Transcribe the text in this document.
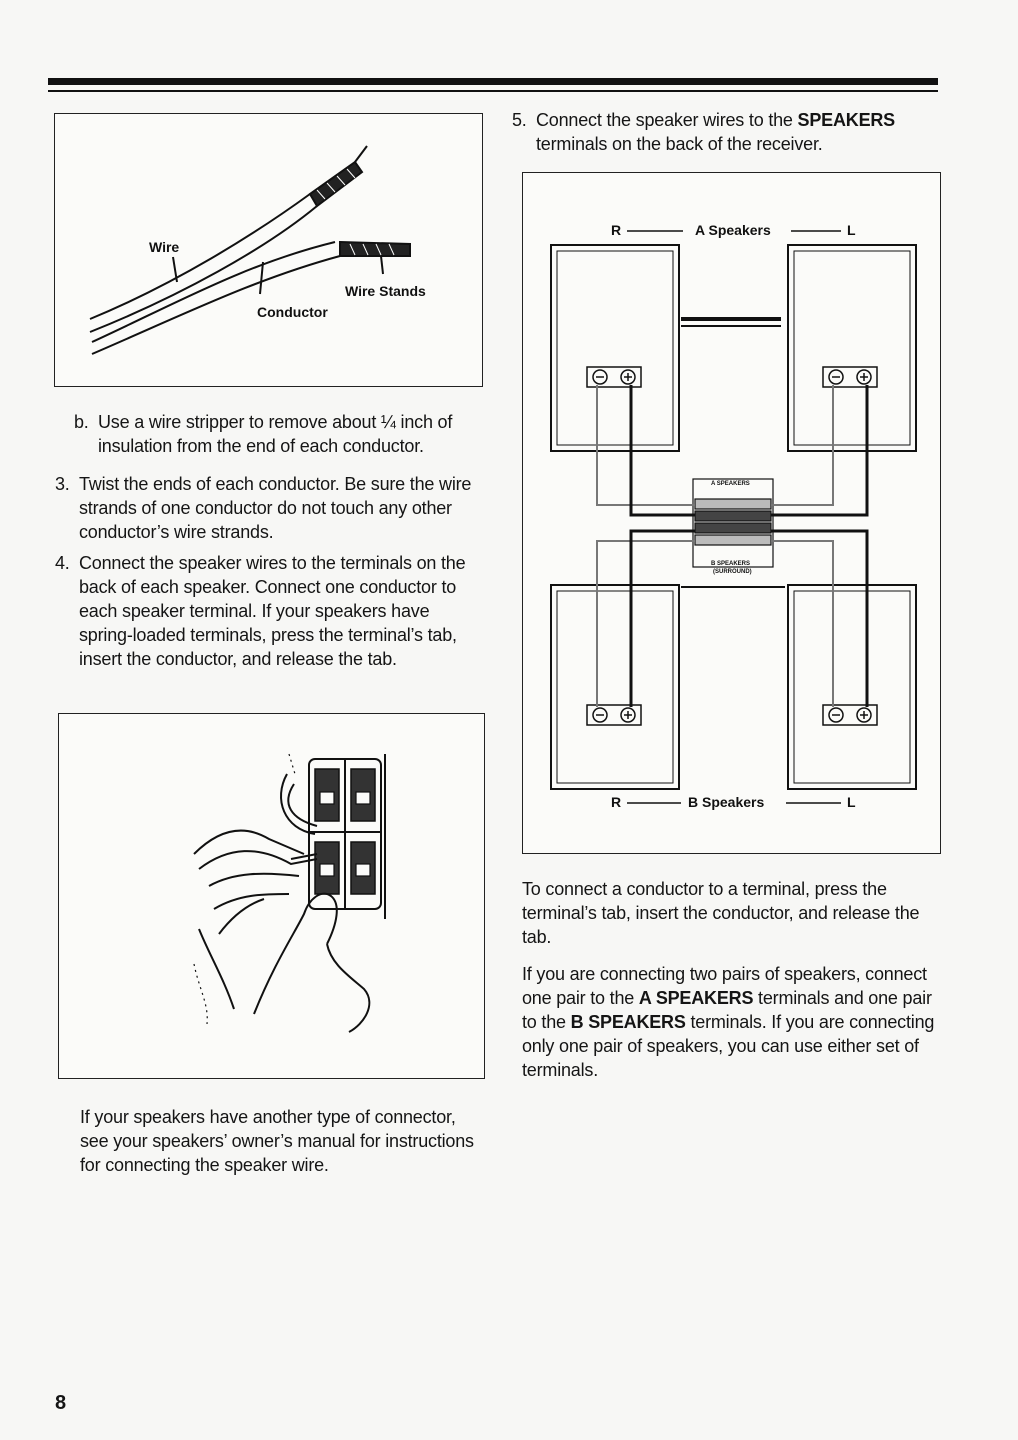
Wire
Conductor
Wire Stands
b. Use a wire stripper to remove about ¼ inch of insulation from the end of each conductor.
3. Twist the ends of each conductor. Be sure the wire strands of one conductor do not touch any other conductor’s wire strands.
4. Connect the speaker wires to the terminals on the back of each speaker. Connect one conductor to each speaker terminal. If your speakers have spring-loaded terminals, press the terminal’s tab, insert the conductor, and release the tab.
If your speakers have another type of connector, see your speakers’ owner’s manual for instructions for connecting the speaker wire.
5. Connect the speaker wires to the SPEAKERS terminals on the back of the receiver.
R	A Speakers	L
R	B Speakers	L
A SPEAKERS
B SPEAKERS
(SURROUND)
To connect a conductor to a terminal, press the terminal’s tab, insert the conductor, and release the tab.
If you are connecting two pairs of speakers, connect one pair to the A SPEAKERS terminals and one pair to the B SPEAKERS terminals. If you are connecting only one pair of speakers, you can use either set of terminals.
8
